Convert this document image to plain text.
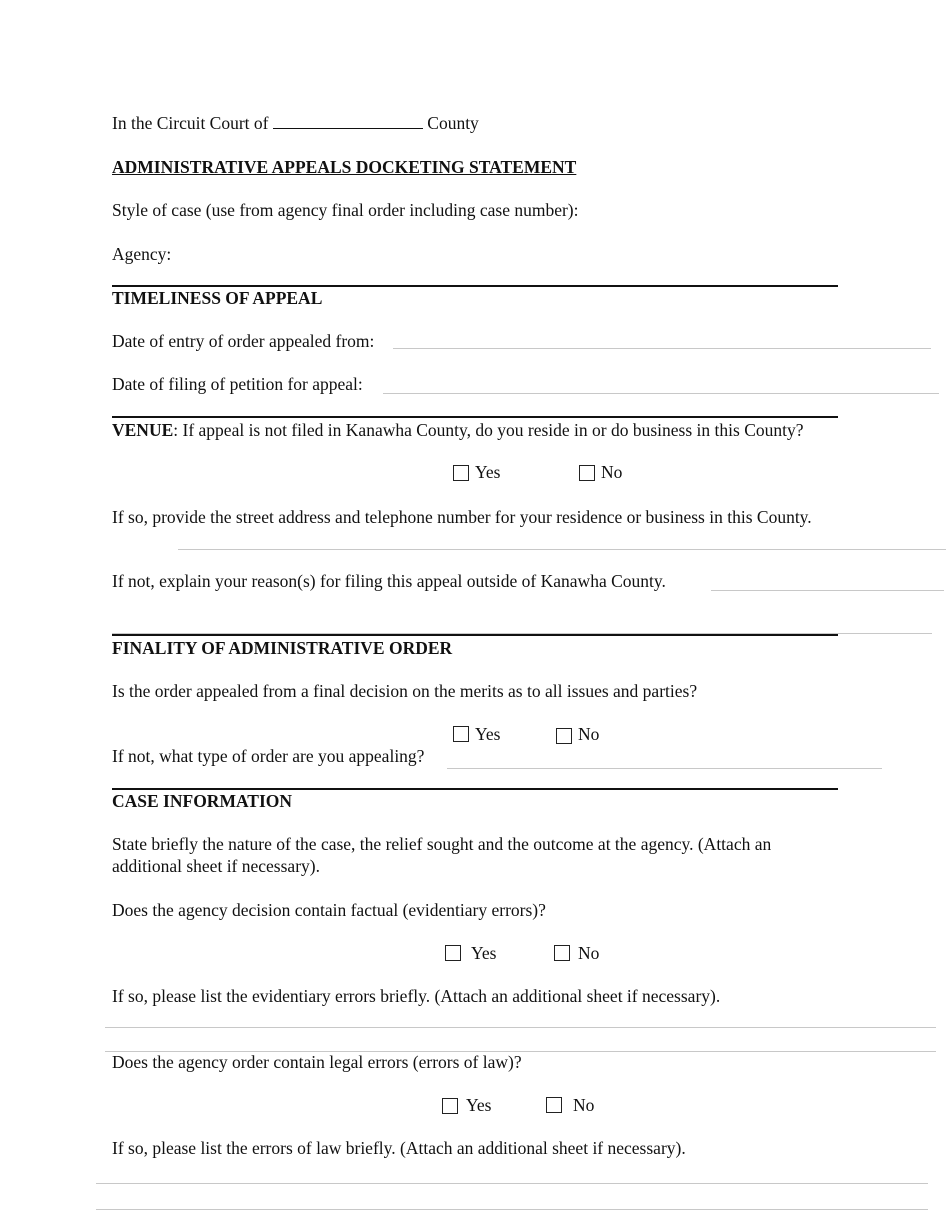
In the Circuit Court of	County
ADMINISTRATIVE APPEALS DOCKETING STATEMENT
Style of case (use from agency final order including case number):
Agency:
TIMELINESS OF APPEAL
Date of entry of order appealed from:
Date of filing of petition for appeal:
VENUE: If appeal is not filed in Kanawha County, do you reside in or do business in this County?
Yes	No
If so, provide the street address and telephone number for your residence or business in this County.
If not, explain your reason(s) for filing this appeal outside of Kanawha County.
FINALITY OF ADMINISTRATIVE ORDER
Is the order appealed from a final decision on the merits as to all issues and parties?
Yes	No
If not, what type of order are you appealing?
CASE INFORMATION
State briefly the nature of the case, the relief sought and the outcome at the agency. (Attach an additional sheet if necessary).
Does the agency decision contain factual (evidentiary errors)?
Yes	No
If so, please list the evidentiary errors briefly. (Attach an additional sheet if necessary).
Does the agency order contain legal errors (errors of law)?
Yes	No
If so, please list the errors of law briefly. (Attach an additional sheet if necessary).
